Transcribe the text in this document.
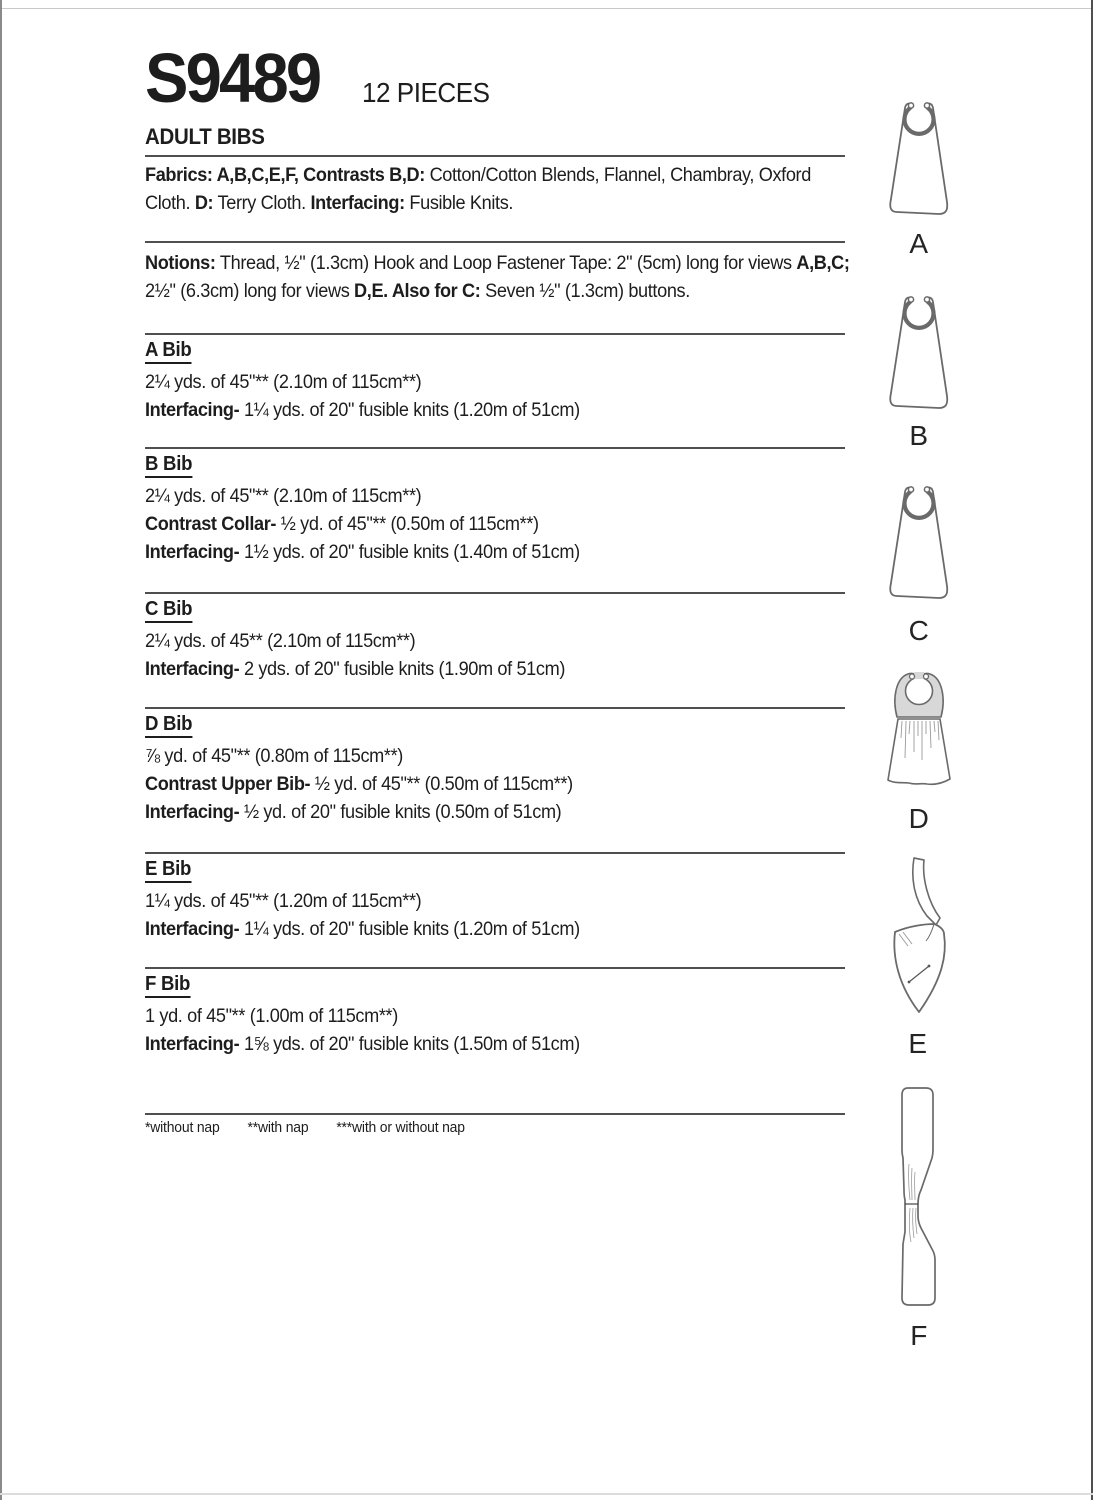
S9489 12 PIECES
ADULT BIBS
Fabrics: A,B,C,E,F, Contrasts B,D: Cotton/Cotton Blends, Flannel, Chambray, Oxford
Cloth. D: Terry Cloth. Interfacing: Fusible Knits.
Notions: Thread, ½" (1.3cm) Hook and Loop Fastener Tape: 2" (5cm) long for views A,B,C;
2½" (6.3cm) long for views D,E. Also for C: Seven ½" (1.3cm) buttons.
A Bib
2¼ yds. of 45"** (2.10m of 115cm**)
Interfacing- 1¼ yds. of 20" fusible knits (1.20m of 51cm)
B Bib
2¼ yds. of 45"** (2.10m of 115cm**)
Contrast Collar- ½ yd. of 45"** (0.50m of 115cm**)
Interfacing- 1½ yds. of 20" fusible knits (1.40m of 51cm)
C Bib
2¼ yds. of 45** (2.10m of 115cm**)
Interfacing- 2 yds. of 20" fusible knits (1.90m of 51cm)
D Bib
⅞ yd. of 45"** (0.80m of 115cm**)
Contrast Upper Bib- ½ yd. of 45"** (0.50m of 115cm**)
Interfacing- ½ yd. of 20" fusible knits (0.50m of 51cm)
E Bib
1¼ yds. of 45"** (1.20m of 115cm**)
Interfacing- 1¼ yds. of 20" fusible knits (1.20m of 51cm)
F Bib
1 yd. of 45"** (1.00m of 115cm**)
Interfacing- 1⅝ yds. of 20" fusible knits (1.50m of 51cm)
*without nap **with nap ***with or without nap
A
B
C
D
E
F
